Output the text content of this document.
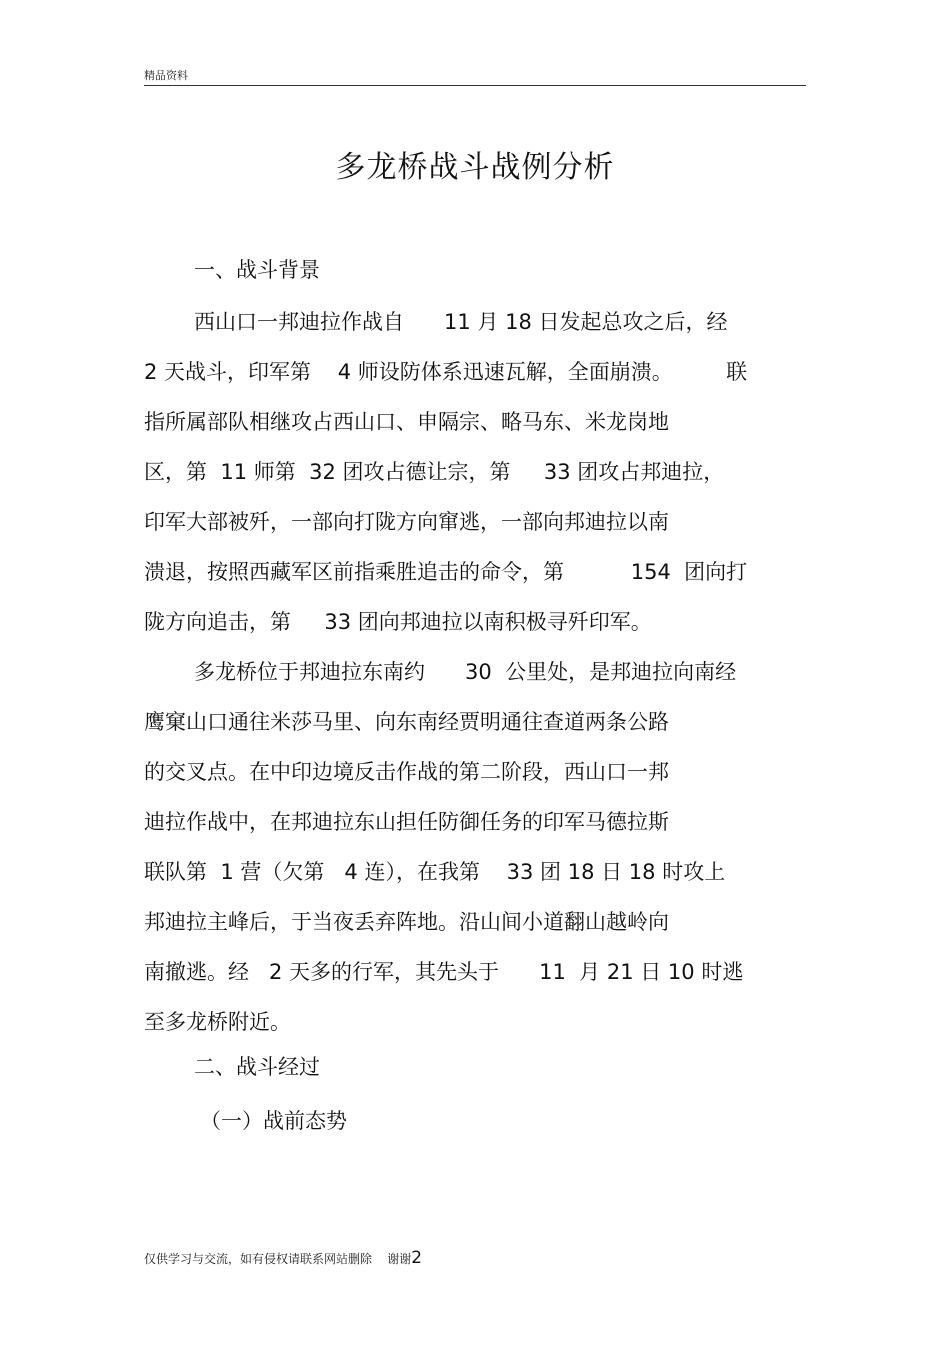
精品资料
多龙桥战斗战例分析
一、战斗背景
西山口一邦迪拉作战自      11 月 18 日发起总攻之后，经
2 天战斗，印军第    4 师设防体系迅速瓦解，全面崩溃。        联
指所属部队相继攻占西山口、申隔宗、略马东、米龙岗地
区，第  11 师第  32 团攻占德让宗，第     33 团攻占邦迪拉，
印军大部被歼，一部向打陇方向窜逃，一部向邦迪拉以南
溃退，按照西藏军区前指乘胜追击的命令，第          154  团向打
陇方向追击，第     33 团向邦迪拉以南积极寻歼印军。
多龙桥位于邦迪拉东南约      30  公里处，是邦迪拉向南经
鹰窠山口通往米莎马里、向东南经贾明通往查道两条公路
的交叉点。在中印边境反击作战的第二阶段，西山口一邦
迪拉作战中，在邦迪拉东山担任防御任务的印军马德拉斯
联队第  1 营（欠第   4 连），在我第    33 团 18 日 18 时攻上
邦迪拉主峰后，于当夜丢弃阵地。沿山间小道翻山越岭向
南撤逃。经   2 天多的行军，其先头于      11  月 21 日 10 时逃
至多龙桥附近。
二、战斗经过
（一）战前态势
仅供学习与交流，如有侵权请联系网站删除    谢谢2
